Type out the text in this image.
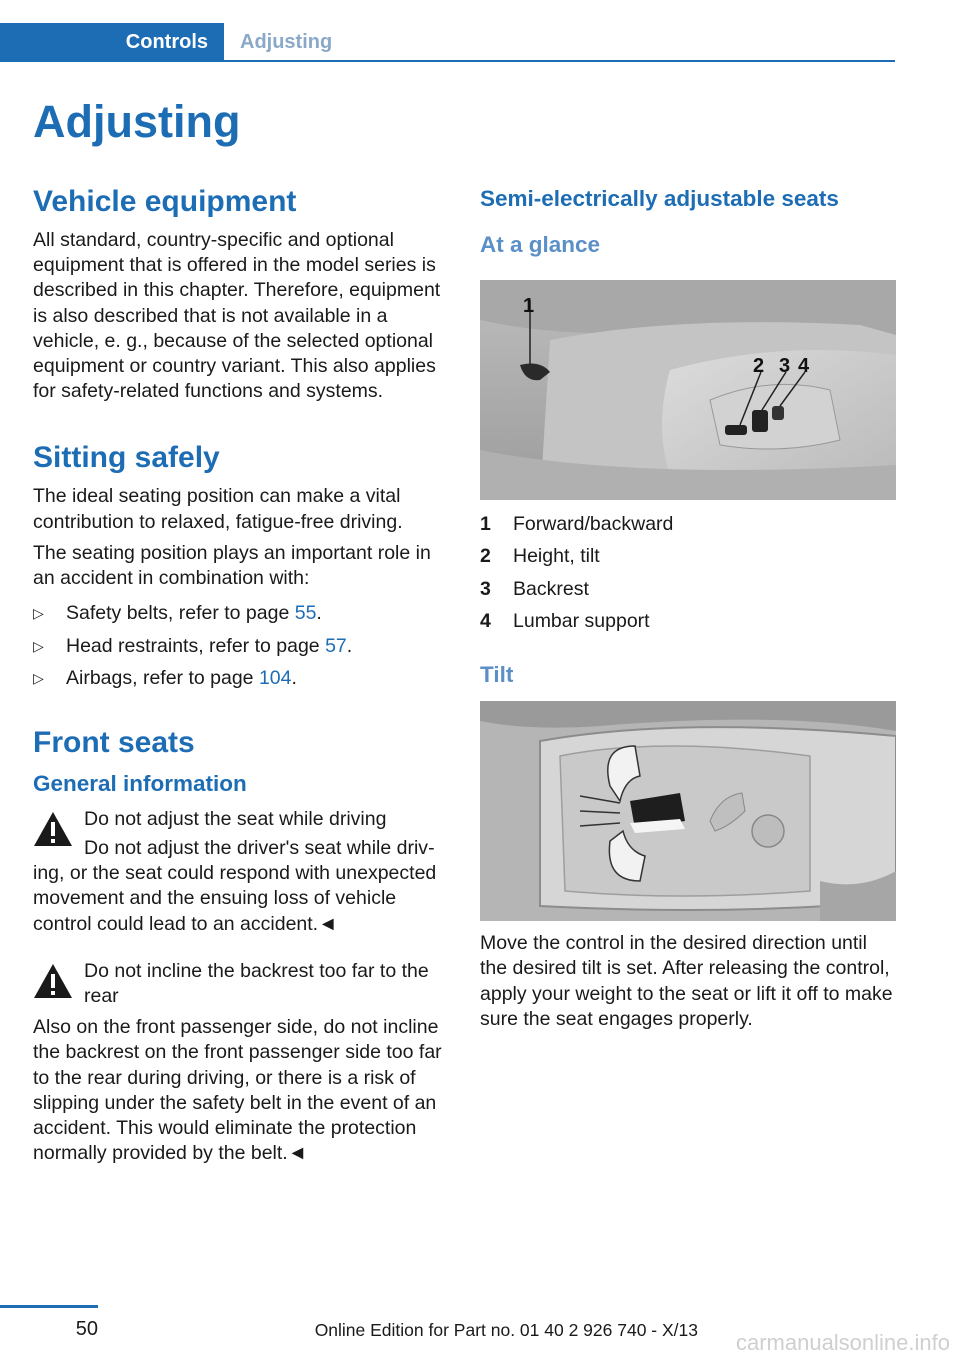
Controls Adjusting
Adjusting
Vehicle equipment

All standard, country-specific and optional equipment that is offered in the model series is described in this chapter. Therefore, equipment is also described that is not available in a vehicle, e. g., because of the selected optional equipment or country variant. This also applies for safety-related functions and systems.

Sitting safely

The ideal seating position can make a vital contribution to relaxed, fatigue-free driving.

The seating position plays an important role in an accident in combination with:

▷ Safety belts, refer to page 55.
▷ Head restraints, refer to page 57.
▷ Airbags, refer to page 104.
Front seats
General information

Do not adjust the seat while driving

Do not adjust the driver's seat while driving, or the seat could respond with unexpected movement and the ensuing loss of vehicle control could lead to an accident.◄

Do not incline the backrest too far to the rear

Also on the front passenger side, do not incline the backrest on the front passenger side too far to the rear during driving, or there is a risk of slipping under the safety belt in the event of an accident. This would eliminate the protection normally provided by the belt.◄

Semi-electrically adjustable seats
At a glance
1
2 3 4
1	Forward/backward
2	Height, tilt
3	Backrest
4	Lumbar support
Tilt

Move the control in the desired direction until the desired tilt is set. After releasing the control, apply your weight to the seat or lift it off to make sure the seat engages properly.

50	Online Edition for Part no. 01 40 2 926 740 - X/13 carmanualsonline.info
